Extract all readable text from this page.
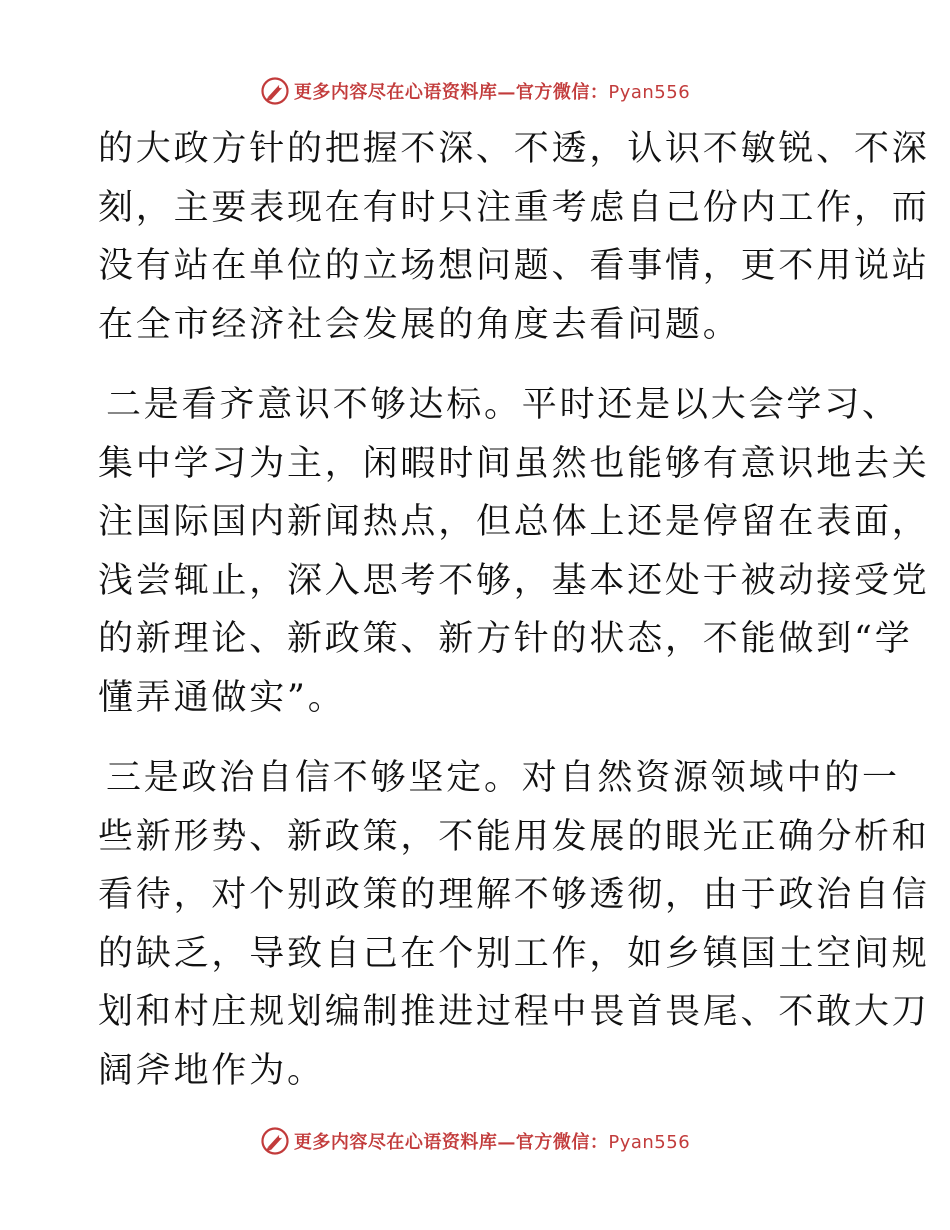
更多内容尽在心语资料库—官方微信：Pyan556
的大政方针的把握不深、不透，认识不敏锐、不深
刻，主要表现在有时只注重考虑自己份内工作，而
没有站在单位的立场想问题、看事情，更不用说站
在全市经济社会发展的角度去看问题。
二是看齐意识不够达标。平时还是以大会学习、
集中学习为主，闲暇时间虽然也能够有意识地去关
注国际国内新闻热点，但总体上还是停留在表面，
浅尝辄止，深入思考不够，基本还处于被动接受党
的新理论、新政策、新方针的状态，不能做到“学
懂弄通做实”。
三是政治自信不够坚定。对自然资源领域中的一
些新形势、新政策，不能用发展的眼光正确分析和
看待，对个别政策的理解不够透彻，由于政治自信
的缺乏，导致自己在个别工作，如乡镇国土空间规
划和村庄规划编制推进过程中畏首畏尾、不敢大刀
阔斧地作为。
更多内容尽在心语资料库—官方微信：Pyan556
